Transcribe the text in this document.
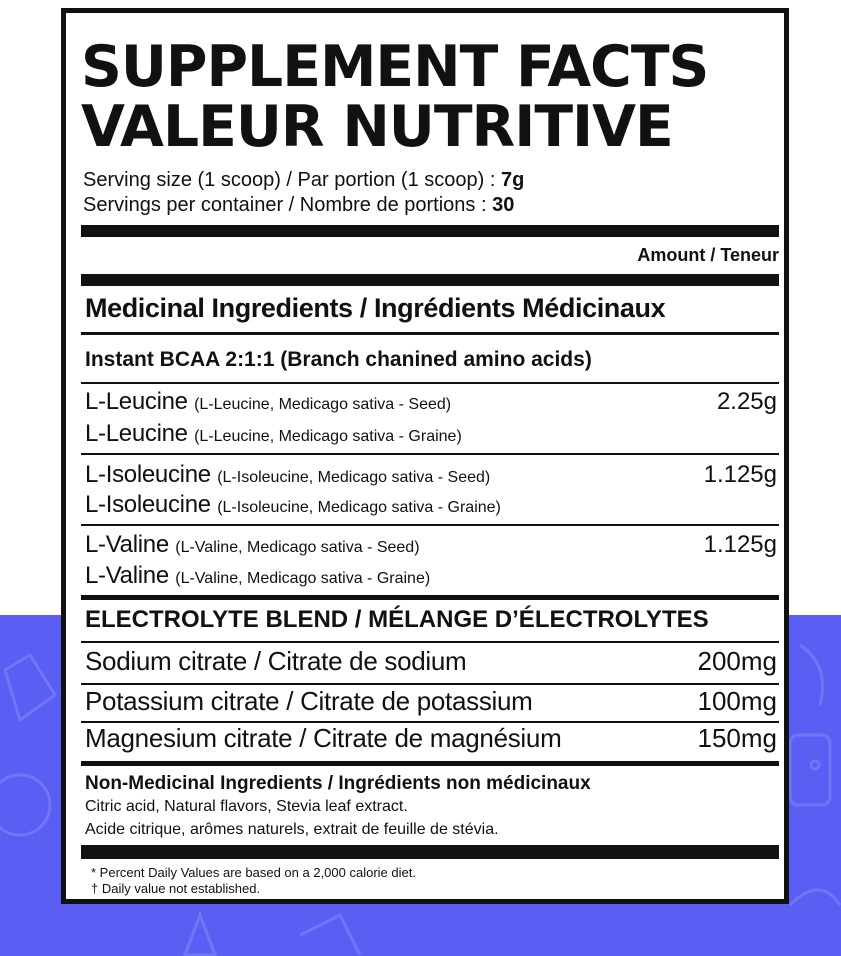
SUPPLEMENT FACTS
VALEUR NUTRITIVE
Serving size (1 scoop) / Par portion (1 scoop) : 7g
Servings per container / Nombre de portions : 30
Amount / Teneur
Medicinal Ingredients / Ingrédients Médicinaux
Instant BCAA 2:1:1 (Branch chanined amino acids)
L-Leucine (L-Leucine, Medicago sativa - Seed)	2.25g
L-Leucine (L-Leucine, Medicago sativa - Graine)
L-Isoleucine (L-Isoleucine, Medicago sativa - Seed)	1.125g
L-Isoleucine (L-Isoleucine, Medicago sativa - Graine)
L-Valine (L-Valine, Medicago sativa - Seed)	1.125g
L-Valine (L-Valine, Medicago sativa - Graine)
ELECTROLYTE BLEND / MÉLANGE D’ÉLECTROLYTES
Sodium citrate / Citrate de sodium	200mg
Potassium citrate / Citrate de potassium	100mg
Magnesium citrate / Citrate de magnésium	150mg
Non-Medicinal Ingredients / Ingrédients non médicinaux
Citric acid, Natural flavors, Stevia leaf extract.
Acide citrique, arômes naturels, extrait de feuille de stévia.
* Percent Daily Values are based on a 2,000 calorie diet.
† Daily value not established.
